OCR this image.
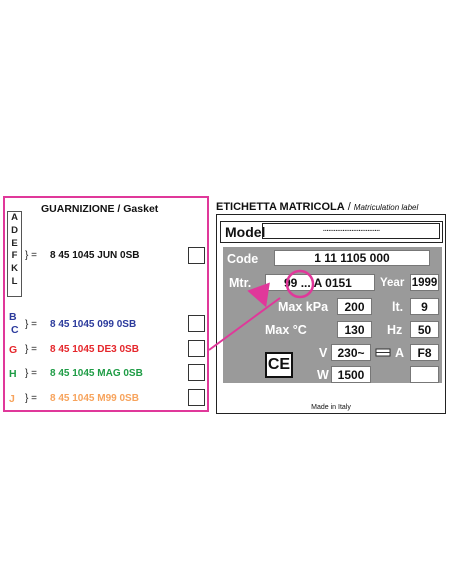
GUARNIZIONE / Gasket
A
D
E
F
K
L
} = 8 45 1045 JUN 0SB
B
C } = 8 45 1045 099 0SB
G } = 8 45 1045 DE3 0SB
H } = 8 45 1045 MAG 0SB
J } = 8 45 1045 M99 0SB
ETICHETTA MATRICOLA / Matriculation label
Model	................................
Code	1 11 1105 000
Mtr.	99 ... A 0151	Year 1999
Max kPa	200	lt.	9
Max °C	130	Hz	50
V 230~	A	F8
W 1500
CE
Made in Italy
